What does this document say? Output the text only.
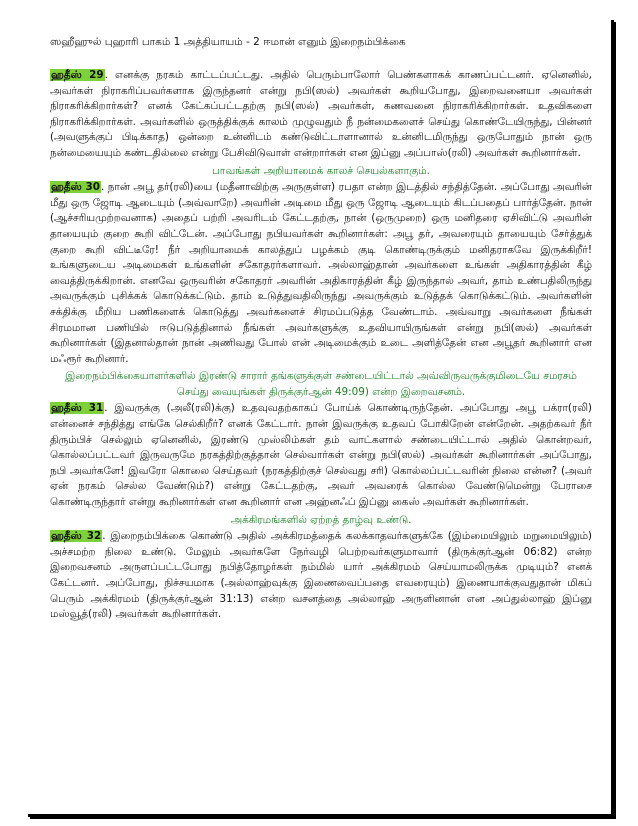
ஸஹீஹுல் புஹாரி பாகம் 1 அத்தியாயம் - 2 ஈமான் எனும் இறைநம்பிக்கை

ஹதீஸ் 29. எனக்கு நரகம் காட்டப்பட்டது. அதில் பெரும்பாலோர் பெண்களாகக் காணப்பட்டனர். ஏனெனில், அவர்கள் நிராகரிப்பவர்களாக இருந்தனர் என்று நபி(ஸல்) அவர்கள் கூறியபோது, இறைவனையா அவர்கள் நிராகரிக்கிறார்கள்? எனக் கேட்கப்பட்டதற்கு நபி(ஸல்) அவர்கள், கணவனை நிராகரிக்கிறார்கள். உதவிகளை நிராகரிக்கிறார்கள். அவர்களில் ஒருத்திக்குக் காலம் முழுவதும் நீ நன்மைகளைச் செய்து கொண்டேயிருந்து, பின்னர் (அவளுக்குப் பிடிக்காத) ஒன்றை உன்னிடம் கண்டுவிட்டாளானால் உன்னிடமிருந்து ஒருபோதும் நான் ஒரு நன்மையையும் கண்டதில்லை என்று பேசிவிடுவாள் என்றார்கள் என இப்னு அப்பாஸ்(ரலி) அவர்கள் கூறினார்கள்.

பாவங்கள் அறியாமைக் காலச் செயல்களாகும்.

ஹதீஸ் 30. நான் அபூ தர்(ரலி)யை (மதீனாவிற்கு அருகுள்ள) ரபதா என்ற இடத்தில் சந்தித்தேன். அப்போது அவரின் மீது ஒரு ஜோடி ஆடையும் (அவ்வாறே) அவரின் அடிமை மீது ஒரு ஜோடி ஆடையும் கிடப்பதைப் பார்த்தேன். நான் (ஆச்சரியமுற்றவனாக) அதைப் பற்றி அவரிடம் கேட்டதற்கு, நான் (ஒருமுறை) ஒரு மனிதரை ஏசிவிட்டு அவரின் தாயையும் குறை கூறி விட்டேன். அப்போது நபியவர்கள் கூறினார்கள்: அபூ தர், அவரையும் தாயையும் சேர்த்துக் குறை கூறி விட்டீரே! நீர் அறியாமைக் காலத்துப் பழக்கம் குடி கொண்டிருக்கும் மனிதராகவே இருக்கிறீர்! உங்களுடைய அடிமைகள் உங்களின் சகோதரர்களாவர். அல்லாஹ்தான் அவர்களை உங்கள் அதிகாரத்தின் கீழ் வைத்திருக்கிறான். எனவே ஒருவரின் சகோதரர் அவரின் அதிகாரத்தின் கீழ் இருந்தால் அவர், தாம் உண்பதிலிருந்து அவருக்கும் புசிக்கக் கொடுக்கட்டும். தாம் உடுத்துவதிலிருந்து அவருக்கும் உடுத்தக் கொடுக்கட்டும். அவர்களின் சக்திக்கு மீறிய பணிகளைக் கொடுத்து அவர்களைச் சிரமப்படுத்த வேண்டாம். அவ்வாறு அவர்களை நீங்கள் சிரமமான பணியில் ஈடுபடுத்தினால் நீங்கள் அவர்களுக்கு உதவியாயிருங்கள் என்று நபி(ஸல்) அவர்கள் கூறினார்கள் (இதனால்தான் நான் அணிவது போல் என் அடிமைக்கும் உடை அளித்தேன் என அபூதர் கூறினார் என மஃரூர் கூறினார்.

இறைநம்பிக்கையாளர்களில் இரண்டு சாரார் தங்களுக்குள் சண்டையிட்டால் அவ்விருவருக்குமிடையே சமரசம் செய்து வையுங்கள் திருக்குர்ஆன் 49:09) என்ற இறைவசனம்.

ஹதீஸ் 31. இவருக்கு (அலீ(ரலி)க்கு) உதவுவதற்காகப் போய்க் கொண்டிருந்தேன். அப்போது அபூ பக்ரா(ரலி) என்னைச் சந்தித்து எங்கே செல்கிறீர்? எனக் கேட்டார். நான் இவருக்கு உதவப் போகிறேன் என்றேன். அதற்கவர் நீர் திரும்பிச் செல்லும் ஏனெனில், இரண்டு முஸ்லிம்கள் தம் வாட்களால் சண்டையிட்டால் அதில் கொன்றவர், கொல்லப்பட்டவர் இருவருமே நரகத்திற்குத்தான் செல்வார்கள் என்று நபி(ஸல்) அவர்கள் கூறினார்கள் அப்போது, நபி அவர்களே! இவரோ கொலை செய்தவர் (நரகத்திற்குச் செல்வது சரி) கொல்லப்பட்டவரின் நிலை என்ன? (அவர் ஏன் நரகம் செல்ல வேண்டும்?) என்று கேட்டதற்கு, அவர் அவரைக் கொல்ல வேண்டுமென்று பேராசை கொண்டிருந்தார் என்று கூறினார்கள் என கூறினார் என அஹ்னஃப் இப்னு கைஸ் அவர்கள் கூறினார்கள்.

அக்கிரமங்களில் ஏற்றத் தாழ்வு உண்டு.

ஹதீஸ் 32. இறைநம்பிக்கை கொண்டு அதில் அக்கிரமத்தைக் கலக்காதவர்களுக்கே (இம்மையிலும் மறுமையிலும்) அச்சமற்ற நிலை உண்டு. மேலும் அவர்களே நேர்வழி பெற்றவர்களுமாவார் (திருக்குர்ஆன் 06:82) என்ற இறைவசனம் அருளப்பட்டபோது நபித்தோழர்கள் நம்மில் யார் அக்கிரமம் செய்யாமலிருக்க முடியும்? எனக் கேட்டனர். அப்போது, நிச்சயமாக (அல்லாஹ்வுக்கு இணைவைப்பதை எவரையும்) இணையாக்குவதுதான் மிகப் பெரும் அக்கிரமம் (திருக்குர்ஆன் 31:13) என்ற வசனத்தை அல்லாஹ் அருளினான் என அப்துல்லாஹ் இப்னு மஸ்வூத்(ரலி) அவர்கள் கூறினார்கள்.
